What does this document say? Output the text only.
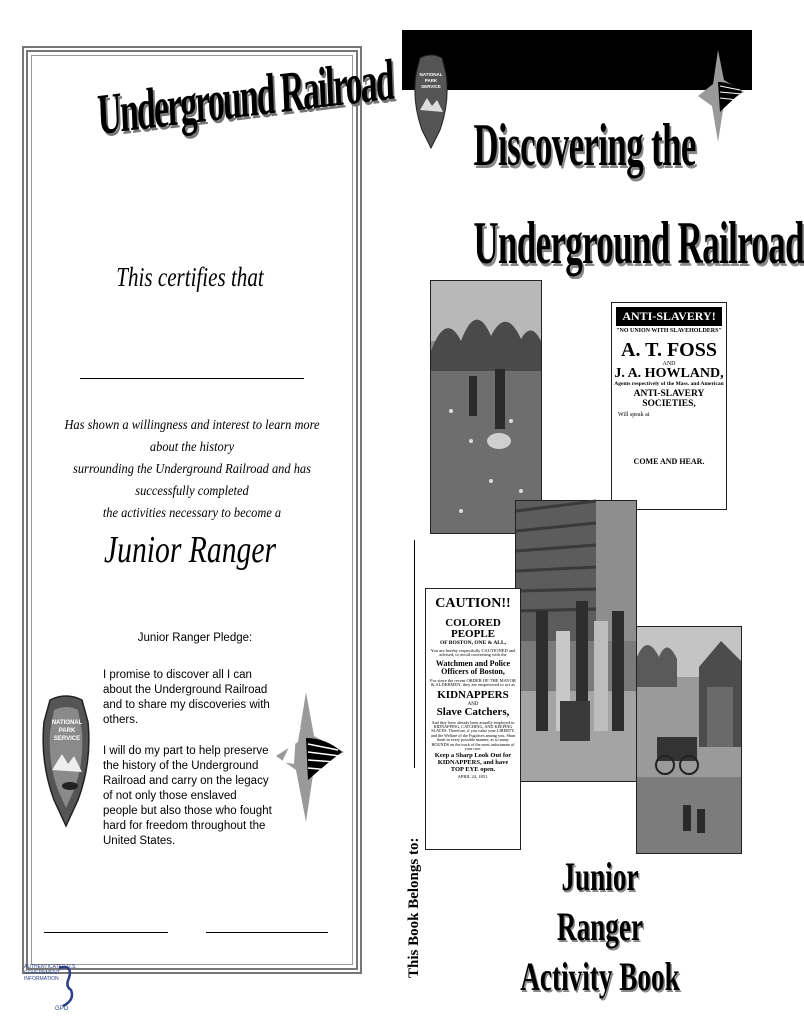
Underground Railroad
This certifies that
Has shown a willingness and interest to learn more about the history
surrounding the Underground Railroad and has successfully completed
the activities necessary to become a
Junior Ranger
Junior Ranger Pledge:
I promise to discover all I can about the Underground Railroad and to share my discoveries with others.
I will do my part to help preserve the history of the Underground Railroad and carry on the legacy of not only those enslaved people but also those who fought hard for freedom throughout the United States.
NATIONAL
PARK
SERVICE
★
AUTHENTICATED U.S. GOVERNMENT INFORMATION
GPO
NATIONAL
PARK
SERVICE
Discovering the
Underground Railroad
ANTI-SLAVERY!
"NO UNION WITH SLAVEHOLDERS"
A. T. FOSS
AND
J. A. HOWLAND,
Agents respectively of the Mass. and American
ANTI-SLAVERY SOCIETIES,
Will speak at
COME AND HEAR.
CAUTION!!
COLORED PEOPLE
OF BOSTON, ONE & ALL,
You are hereby respectfully CAUTIONED and advised, to avoid conversing with the
Watchmen and Police Officers of Boston,
For since the recent ORDER OF THE MAYOR & ALDERMEN, they are empowered to act as
KIDNAPPERS
AND
Slave Catchers,
And they have already been actually employed in KIDNAPPING, CATCHING, AND KEEPING SLAVES. Therefore, if you value your LIBERTY, and the Welfare of the Fugitives among you, Shun them in every possible manner, as so many HOUNDS on the track of the most unfortunate of your race.
Keep a Sharp Look Out for KIDNAPPERS, and have
TOP EYE open.
APRIL 24, 1851.
This Book Belongs to:	Junior Ranger
Activity Book
